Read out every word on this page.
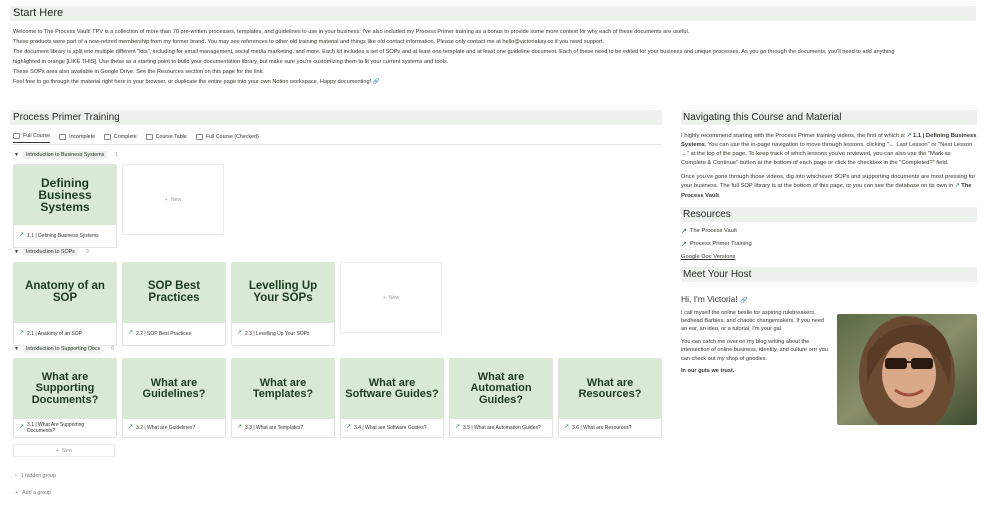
Start Here

Welcome to The Process Vault! TPV is a collection of more than 70 pre-written processes, templates, and guidelines to use in your business. I've also included my Process Primer training as a bonus to provide some more context for why each of these documents are useful.

These products were part of a now-retired membership from my former brand. You may see references to other old training material and things like old contact information. Please only contact me at hello@victoriakay.co if you need support.

The document library is split into multiple different "kits", including for email management, social media marketing, and more. Each kit includes a set of SOPs and at least one template and at least one guideline document. Each of these need to be edited for your business and unique processes. As you go through the documents, you'll need to add anything

highlighted in orange [LIKE THIS]. Use these as a starting point to build your documentation library, but make sure you're customizing them to fit your current systems and tools.

These SOPs area also available in Google Drive. See the Resources section on this page for the link.

Feel free to go through the material right here in your browser, or duplicate the entire page into your own Notion workspace. Happy documenting! 🔗

Process Primer Training
Full Course	Incomplete	Complete	Course Table	Full Course (Checked)
▼	Introduction to Business Systems	1
Defining Business Systems
↗ 1.1 | Defining Business Systems
+ New
▼	Introduction to SOPs	3
Anatomy of an SOP
↗ 2.1 | Anatomy of an SOP
SOP Best Practices
↗ 2.2 | SOP Best Practices
Levelling Up Your SOPs
↗ 2.3 | Levelling Up Your SOPs
+ New
▼	Introduction to Supporting Docs	6
What are Supporting Documents?
↗ 3.1 | What Are Supporting Documents?
What are Guidelines?
↗ 3.2 | What are Guidelines?
What are Templates?
↗ 3.3 | What are Templates?
What are Software Guides?
↗ 3.4 | What are Software Guides?
What are Automation Guides?
↗ 3.5 | What are Automation Guides?
What are Resources?
↗ 3.6 | What are Resources?
+ New
› 1 hidden group
+ Add a group
Navigating this Course and Material
I highly recommend starting with the Process Primer training videos, the first of which is ↗ 1.1 | Defining Business Systems. You can use the in-page navigation to move through lessons, clicking "← Last Lesson" or "Next Lesson →" at the top of the page. To keep track of which lessons you've reviewed, you can also use the "Mark as Complete & Continue" button at the bottom of each page or click the checkbox in the "Completed?" field.
Once you've gone through those videos, dig into whichever SOPs and supporting documents are most pressing for your business. The full SOP library is at the bottom of this page, or you can see the database on its own in ↗ The Process Vault.
Resources
↗ The Process Vault
↗ Process Primer Training
Google Doc Versions
Meet Your Host
Hi, I'm Victoria! 🔗
I call myself the online beslie for aspiring rulebreakers, bedhead Barbies, and chaotic changemakers. If you need an ear, an idea, or a tutorial, I'm your gal.
You can catch me over on my blog writing about the intersection of online business, identity, and culture orrr you can check out my shop of goodies.
In our guts we trust.
